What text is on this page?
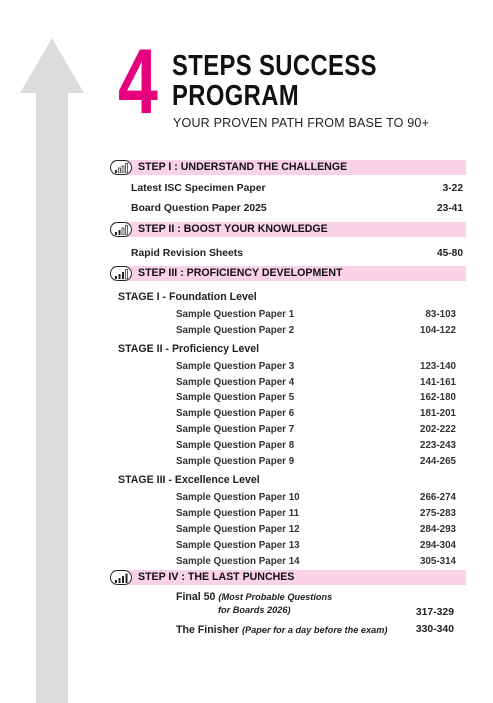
4 STEPS SUCCESS
PROGRAM
YOUR PROVEN PATH FROM BASE TO 90+
STEP I : UNDERSTAND THE CHALLENGE
Latest ISC Specimen Paper	3-22
Board Question Paper 2025	23-41
STEP II : BOOST YOUR KNOWLEDGE
Rapid Revision Sheets	45-80
STEP III : PROFICIENCY DEVELOPMENT
STAGE I - Foundation Level
Sample Question Paper 1	83-103
Sample Question Paper 2	104-122
STAGE II - Proficiency Level
Sample Question Paper 3	123-140
Sample Question Paper 4	141-161
Sample Question Paper 5	162-180
Sample Question Paper 6	181-201
Sample Question Paper 7	202-222
Sample Question Paper 8	223-243
Sample Question Paper 9	244-265
STAGE III - Excellence Level
Sample Question Paper 10	266-274
Sample Question Paper 11	275-283
Sample Question Paper 12	284-293
Sample Question Paper 13	294-304
Sample Question Paper 14	305-314
STEP IV : THE LAST PUNCHES
Final 50 (Most Probable Questions
for Boards 2026)	317-329
The Finisher (Paper for a day before the exam)	330-340
